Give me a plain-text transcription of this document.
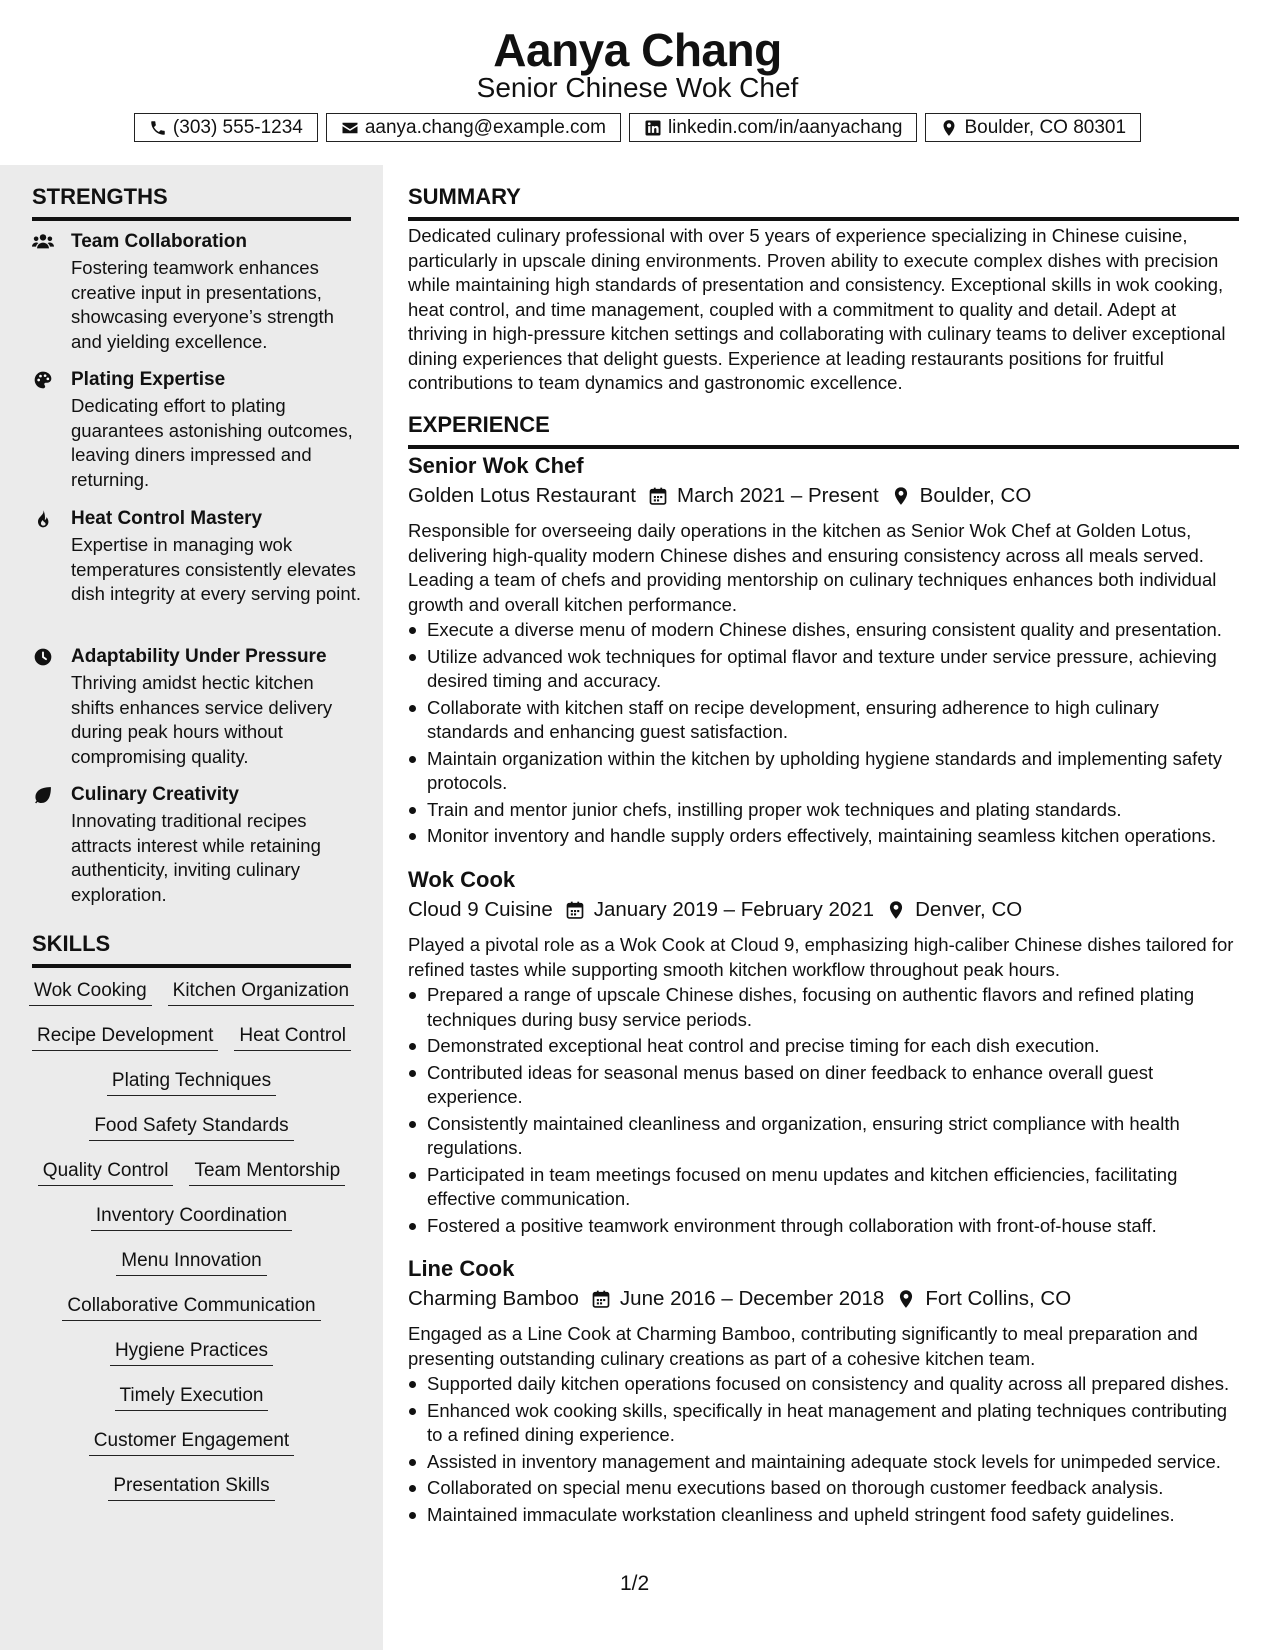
Aanya Chang
Senior Chinese Wok Chef
(303) 555-1234	aanya.chang@example.com	linkedin.com/in/aanyachang	Boulder, CO 80301
STRENGTHS
Team Collaboration
Fostering teamwork enhances creative input in presentations, showcasing everyone’s strength and yielding excellence.
Plating Expertise
Dedicating effort to plating guarantees astonishing outcomes, leaving diners impressed and returning.
Heat Control Mastery
Expertise in managing wok temperatures consistently elevates dish integrity at every serving point.
Adaptability Under Pressure
Thriving amidst hectic kitchen shifts enhances service delivery during peak hours without compromising quality.
Culinary Creativity
Innovating traditional recipes attracts interest while retaining authenticity, inviting culinary exploration.
SKILLS
Wok Cooking Kitchen Organization
Recipe Development Heat Control
Plating Techniques
Food Safety Standards
Quality Control Team Mentorship
Inventory Coordination
Menu Innovation
Collaborative Communication
Hygiene Practices
Timely Execution
Customer Engagement
Presentation Skills
SUMMARY
Dedicated culinary professional with over 5 years of experience specializing in Chinese cuisine, particularly in upscale dining environments. Proven ability to execute complex dishes with precision while maintaining high standards of presentation and consistency. Exceptional skills in wok cooking, heat control, and time management, coupled with a commitment to quality and detail. Adept at thriving in high-pressure kitchen settings and collaborating with culinary teams to deliver exceptional dining experiences that delight guests. Experience at leading restaurants positions for fruitful contributions to team dynamics and gastronomic excellence.
EXPERIENCE
Senior Wok Chef
Golden Lotus Restaurant March 2021 – Present Boulder, CO
Responsible for overseeing daily operations in the kitchen as Senior Wok Chef at Golden Lotus, delivering high-quality modern Chinese dishes and ensuring consistency across all meals served. Leading a team of chefs and providing mentorship on culinary techniques enhances both individual growth and overall kitchen performance.
Execute a diverse menu of modern Chinese dishes, ensuring consistent quality and presentation.
Utilize advanced wok techniques for optimal flavor and texture under service pressure, achieving desired timing and accuracy.
Collaborate with kitchen staff on recipe development, ensuring adherence to high culinary standards and enhancing guest satisfaction.
Maintain organization within the kitchen by upholding hygiene standards and implementing safety protocols.
Train and mentor junior chefs, instilling proper wok techniques and plating standards.
Monitor inventory and handle supply orders effectively, maintaining seamless kitchen operations.
Wok Cook
Cloud 9 Cuisine January 2019 – February 2021 Denver, CO
Played a pivotal role as a Wok Cook at Cloud 9, emphasizing high-caliber Chinese dishes tailored for refined tastes while supporting smooth kitchen workflow throughout peak hours.
Prepared a range of upscale Chinese dishes, focusing on authentic flavors and refined plating techniques during busy service periods.
Demonstrated exceptional heat control and precise timing for each dish execution.
Contributed ideas for seasonal menus based on diner feedback to enhance overall guest experience.
Consistently maintained cleanliness and organization, ensuring strict compliance with health regulations.
Participated in team meetings focused on menu updates and kitchen efficiencies, facilitating effective communication.
Fostered a positive teamwork environment through collaboration with front-of-house staff.
Line Cook
Charming Bamboo June 2016 – December 2018 Fort Collins, CO
Engaged as a Line Cook at Charming Bamboo, contributing significantly to meal preparation and presenting outstanding culinary creations as part of a cohesive kitchen team.
Supported daily kitchen operations focused on consistency and quality across all prepared dishes.
Enhanced wok cooking skills, specifically in heat management and plating techniques contributing to a refined dining experience.
Assisted in inventory management and maintaining adequate stock levels for unimpeded service.
Collaborated on special menu executions based on thorough customer feedback analysis.
Maintained immaculate workstation cleanliness and upheld stringent food safety guidelines.
1/2
